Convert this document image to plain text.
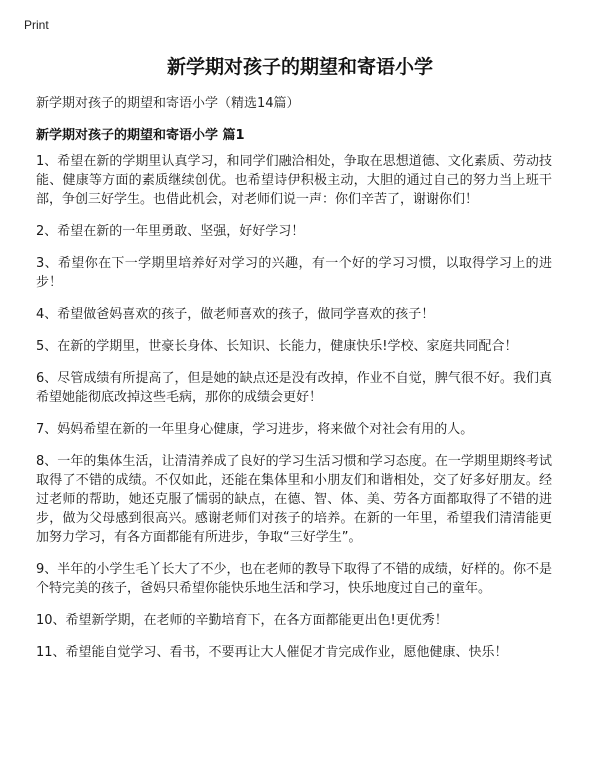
Print
新学期对孩子的期望和寄语小学

新学期对孩子的期望和寄语小学（精选14篇）

新学期对孩子的期望和寄语小学 篇1

1、希望在新的学期里认真学习，和同学们融洽相处，争取在思想道德、文化素质、劳动技能、健康等方面的素质继续创优。也希望诗伊积极主动，大胆的通过自己的努力当上班干部，争创三好学生。也借此机会，对老师们说一声：你们辛苦了，谢谢你们！

2、希望在新的一年里勇敢、坚强，好好学习！

3、希望你在下一学期里培养好对学习的兴趣，有一个好的学习习惯，以取得学习上的进步！

4、希望做爸妈喜欢的孩子，做老师喜欢的孩子，做同学喜欢的孩子！

5、在新的学期里，世豪长身体、长知识、长能力，健康快乐!学校、家庭共同配合！

6、尽管成绩有所提高了，但是她的缺点还是没有改掉，作业不自觉，脾气很不好。我们真希望她能彻底改掉这些毛病，那你的成绩会更好！

7、妈妈希望在新的一年里身心健康，学习进步，将来做个对社会有用的人。

8、一年的集体生活，让清清养成了良好的学习生活习惯和学习态度。在一学期里期终考试取得了不错的成绩。不仅如此，还能在集体里和小朋友们和谐相处，交了好多好朋友。经过老师的帮助，她还克服了懦弱的缺点，在德、智、体、美、劳各方面都取得了不错的进步，做为父母感到很高兴。感谢老师们对孩子的培养。在新的一年里，希望我们清清能更加努力学习，有各方面都能有所进步，争取“三好学生”。

9、半年的小学生毛丫长大了不少，也在老师的教导下取得了不错的成绩，好样的。你不是个特完美的孩子，爸妈只希望你能快乐地生活和学习，快乐地度过自己的童年。

10、希望新学期，在老师的辛勤培育下，在各方面都能更出色!更优秀！

11、希望能自觉学习、看书，不要再让大人催促才肯完成作业，愿他健康、快乐！
